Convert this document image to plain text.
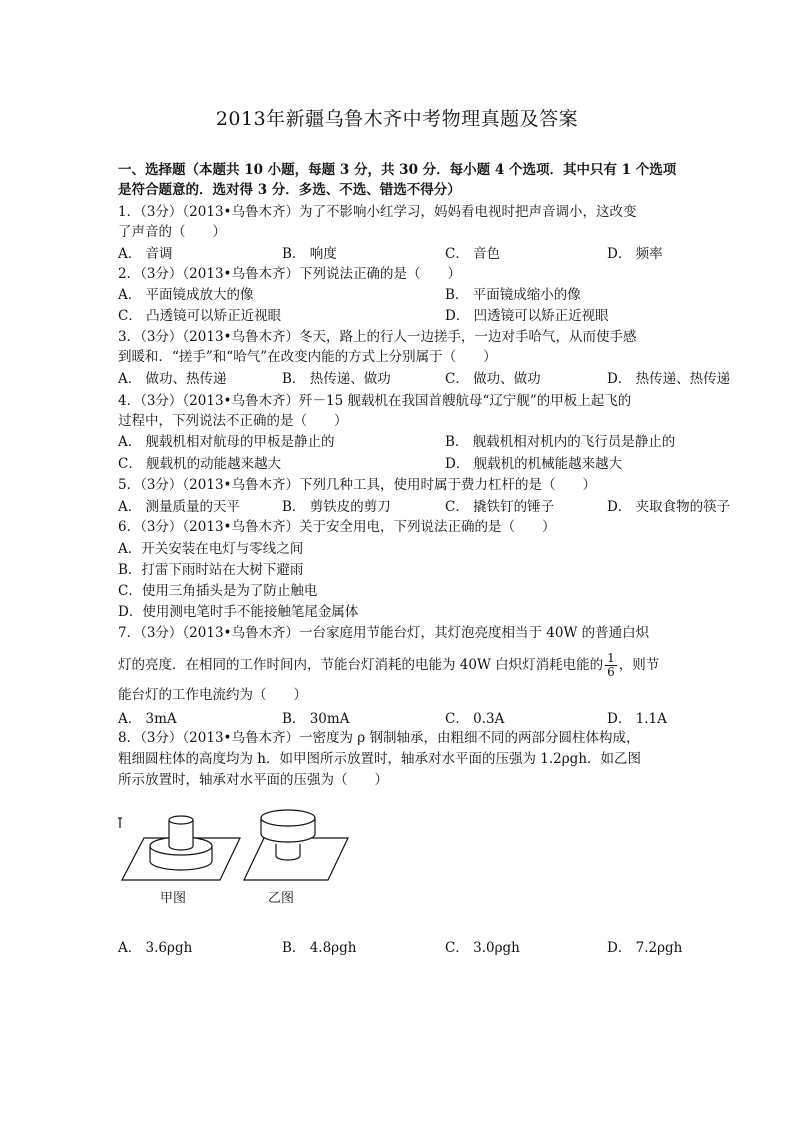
2013年新疆乌鲁木齐中考物理真题及答案
一、选择题（本题共 10 小题，每题 3 分，共 30 分．每小题 4 个选项．其中只有 1 个选项
是符合题意的．选对得 3 分．多选、不选、错选不得分）
1．（3分）（2013•乌鲁木齐）为了不影响小红学习，妈妈看电视时把声音调小，这改变
了声音的（　　）
A． 音调	B． 响度	C． 音色	D． 频率
2．（3分）（2013•乌鲁木齐）下列说法正确的是（　　）
A． 平面镜成放大的像	B． 平面镜成缩小的像
C． 凸透镜可以矫正近视眼	D． 凹透镜可以矫正近视眼
3．（3分）（2013•乌鲁木齐）冬天，路上的行人一边搓手，一边对手哈气，从而使手感
到暖和．“搓手”和“哈气”在改变内能的方式上分别属于（　　）
A． 做功、热传递	B． 热传递、做功	C． 做功、做功	D． 热传递、热传递
4．（3分）（2013•乌鲁木齐）歼－15 舰载机在我国首艘航母“辽宁舰”的甲板上起飞的
过程中，下列说法不正确的是（　　）
A． 舰载机相对航母的甲板是静止的	B． 舰载机相对机内的飞行员是静止的
C． 舰载机的动能越来越大	D． 舰载机的机械能越来越大
5．（3分）（2013•乌鲁木齐）下列几种工具，使用时属于费力杠杆的是（　　）
A． 测量质量的天平	B． 剪铁皮的剪刀	C． 撬铁钉的锤子	D． 夹取食物的筷子
6．（3分）（2013•乌鲁木齐）关于安全用电，下列说法正确的是（　　）
A．开关安装在电灯与零线之间
B．打雷下雨时站在大树下避雨
C．使用三角插头是为了防止触电
D．使用测电笔时手不能接触笔尾金属体
7．（3分）（2013•乌鲁木齐）一台家庭用节能台灯，其灯泡亮度相当于 40W 的普通白炽
灯的亮度．在相同的工作时间内，节能台灯消耗的电能为 40W 白炽灯消耗电能的 $\frac{1}{6}$ ，则节
能台灯的工作电流约为（　　）
A． 3mA	B． 30mA	C． 0.3A	D． 1.1A
8．（3分）（2013•乌鲁木齐）一密度为 ρ 钢制轴承，由粗细不同的两部分圆柱体构成，
粗细圆柱体的高度均为 h．如甲图所示放置时，轴承对水平面的压强为 1.2ρgh．如乙图
所示放置时，轴承对水平面的压强为（　　）
甲图	乙图
A． 3.6ρgh	B． 4.8ρgh	C． 3.0ρgh	D． 7.2ρgh
